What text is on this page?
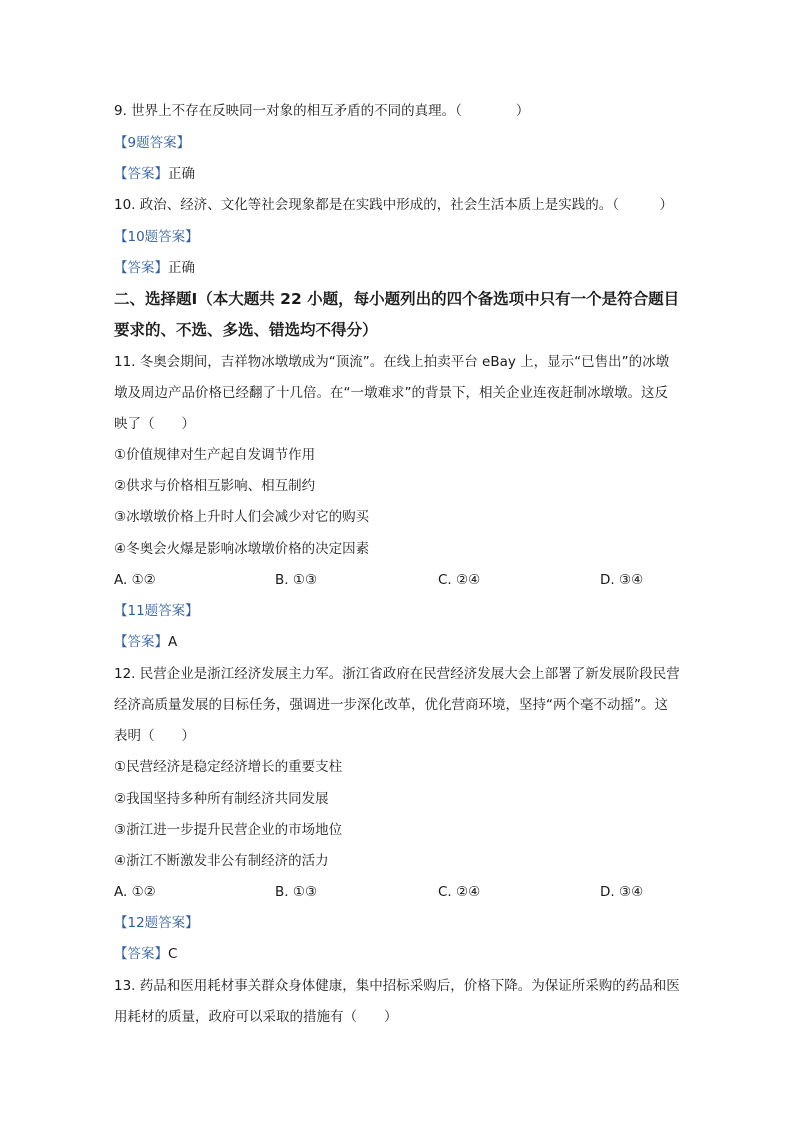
9. 世界上不存在反映同一对象的相互矛盾的不同的真理。（　　　　）
【9题答案】
【答案】正确
10. 政治、经济、文化等社会现象都是在实践中形成的，社会生活本质上是实践的。（　　　）
【10题答案】
【答案】正确
二、选择题Ⅰ（本大题共 22 小题，每小题列出的四个备选项中只有一个是符合题目
要求的、不选、多选、错选均不得分）
11. 冬奥会期间，吉祥物冰墩墩成为“顶流”。在线上拍卖平台 eBay 上，显示“已售出”的冰墩
墩及周边产品价格已经翻了十几倍。在“一墩难求”的背景下，相关企业连夜赶制冰墩墩。这反
映了（　　）
①价值规律对生产起自发调节作用
②供求与价格相互影响、相互制约
③冰墩墩价格上升时人们会减少对它的购买
④冬奥会火爆是影响冰墩墩价格的决定因素
A. ①②	B. ①③	C. ②④	D. ③④
【11题答案】
【答案】A
12. 民营企业是浙江经济发展主力军。浙江省政府在民营经济发展大会上部署了新发展阶段民营
经济高质量发展的目标任务，强调进一步深化改革，优化营商环境，坚持“两个毫不动摇”。这
表明（　　）
①民营经济是稳定经济增长的重要支柱
②我国坚持多种所有制经济共同发展
③浙江进一步提升民营企业的市场地位
④浙江不断激发非公有制经济的活力
A. ①②	B. ①③	C. ②④	D. ③④
【12题答案】
【答案】C
13. 药品和医用耗材事关群众身体健康，集中招标采购后，价格下降。为保证所采购的药品和医
用耗材的质量，政府可以采取的措施有（　　）
